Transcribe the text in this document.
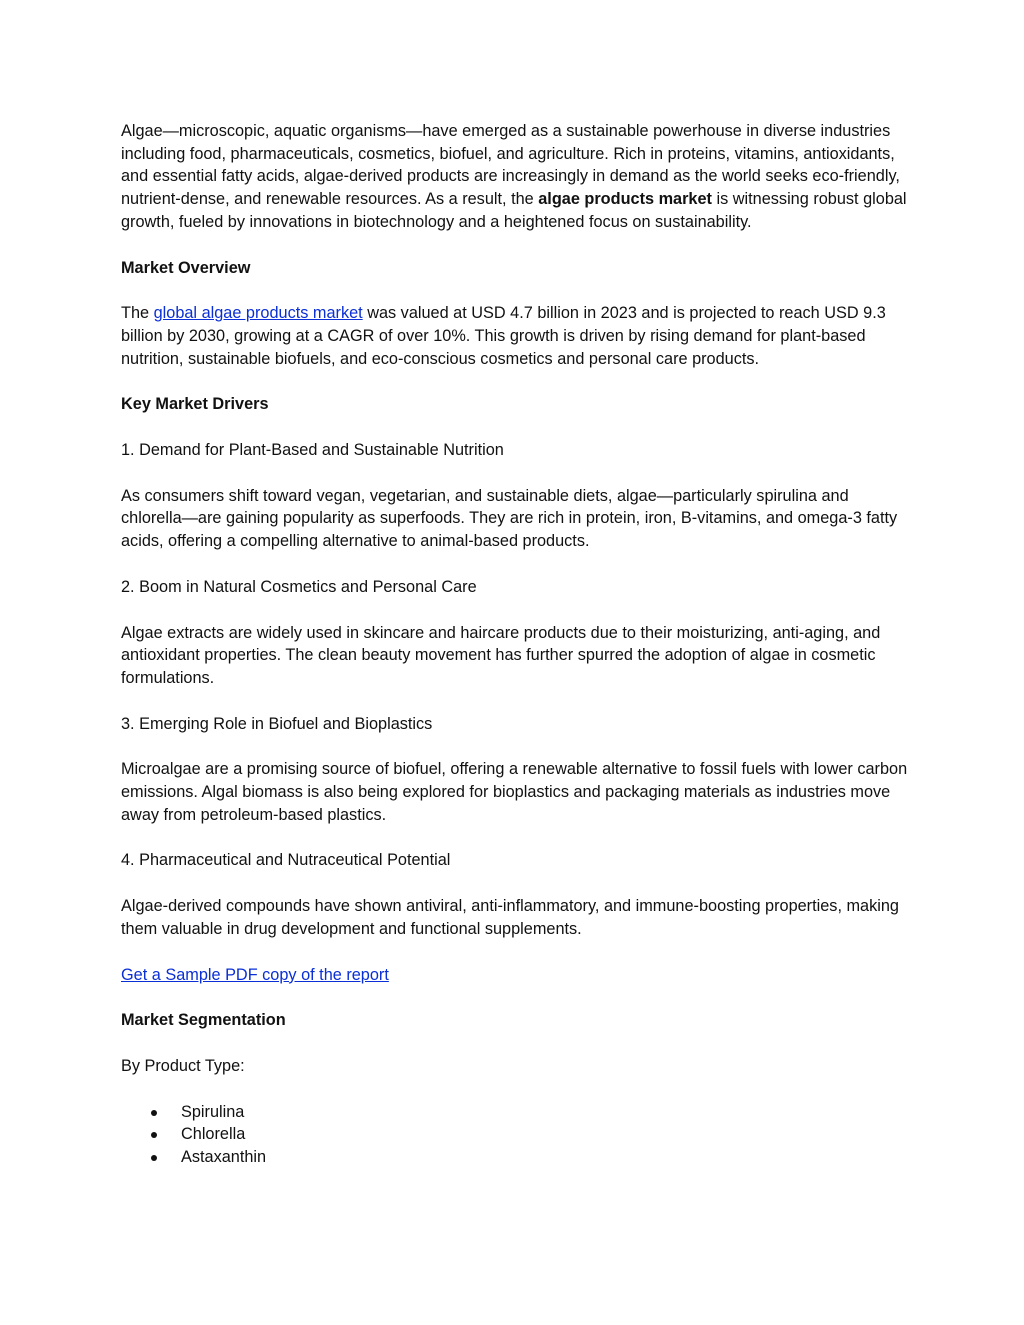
Algae—microscopic, aquatic organisms—have emerged as a sustainable powerhouse in diverse industries including food, pharmaceuticals, cosmetics, biofuel, and agriculture. Rich in proteins, vitamins, antioxidants, and essential fatty acids, algae-derived products are increasingly in demand as the world seeks eco-friendly, nutrient-dense, and renewable resources. As a result, the algae products market is witnessing robust global growth, fueled by innovations in biotechnology and a heightened focus on sustainability.

Market Overview

The global algae products market was valued at USD 4.7 billion in 2023 and is projected to reach USD 9.3 billion by 2030, growing at a CAGR of over 10%. This growth is driven by rising demand for plant-based nutrition, sustainable biofuels, and eco-conscious cosmetics and personal care products.

Key Market Drivers

1. Demand for Plant-Based and Sustainable Nutrition

As consumers shift toward vegan, vegetarian, and sustainable diets, algae—particularly spirulina and chlorella—are gaining popularity as superfoods. They are rich in protein, iron, B-vitamins, and omega-3 fatty acids, offering a compelling alternative to animal-based products.

2. Boom in Natural Cosmetics and Personal Care

Algae extracts are widely used in skincare and haircare products due to their moisturizing, anti-aging, and antioxidant properties. The clean beauty movement has further spurred the adoption of algae in cosmetic formulations.

3. Emerging Role in Biofuel and Bioplastics

Microalgae are a promising source of biofuel, offering a renewable alternative to fossil fuels with lower carbon emissions. Algal biomass is also being explored for bioplastics and packaging materials as industries move away from petroleum-based plastics.

4. Pharmaceutical and Nutraceutical Potential

Algae-derived compounds have shown antiviral, anti-inflammatory, and immune-boosting properties, making them valuable in drug development and functional supplements.

Get a Sample PDF copy of the report

Market Segmentation

By Product Type:

Spirulina
Chlorella
Astaxanthin
